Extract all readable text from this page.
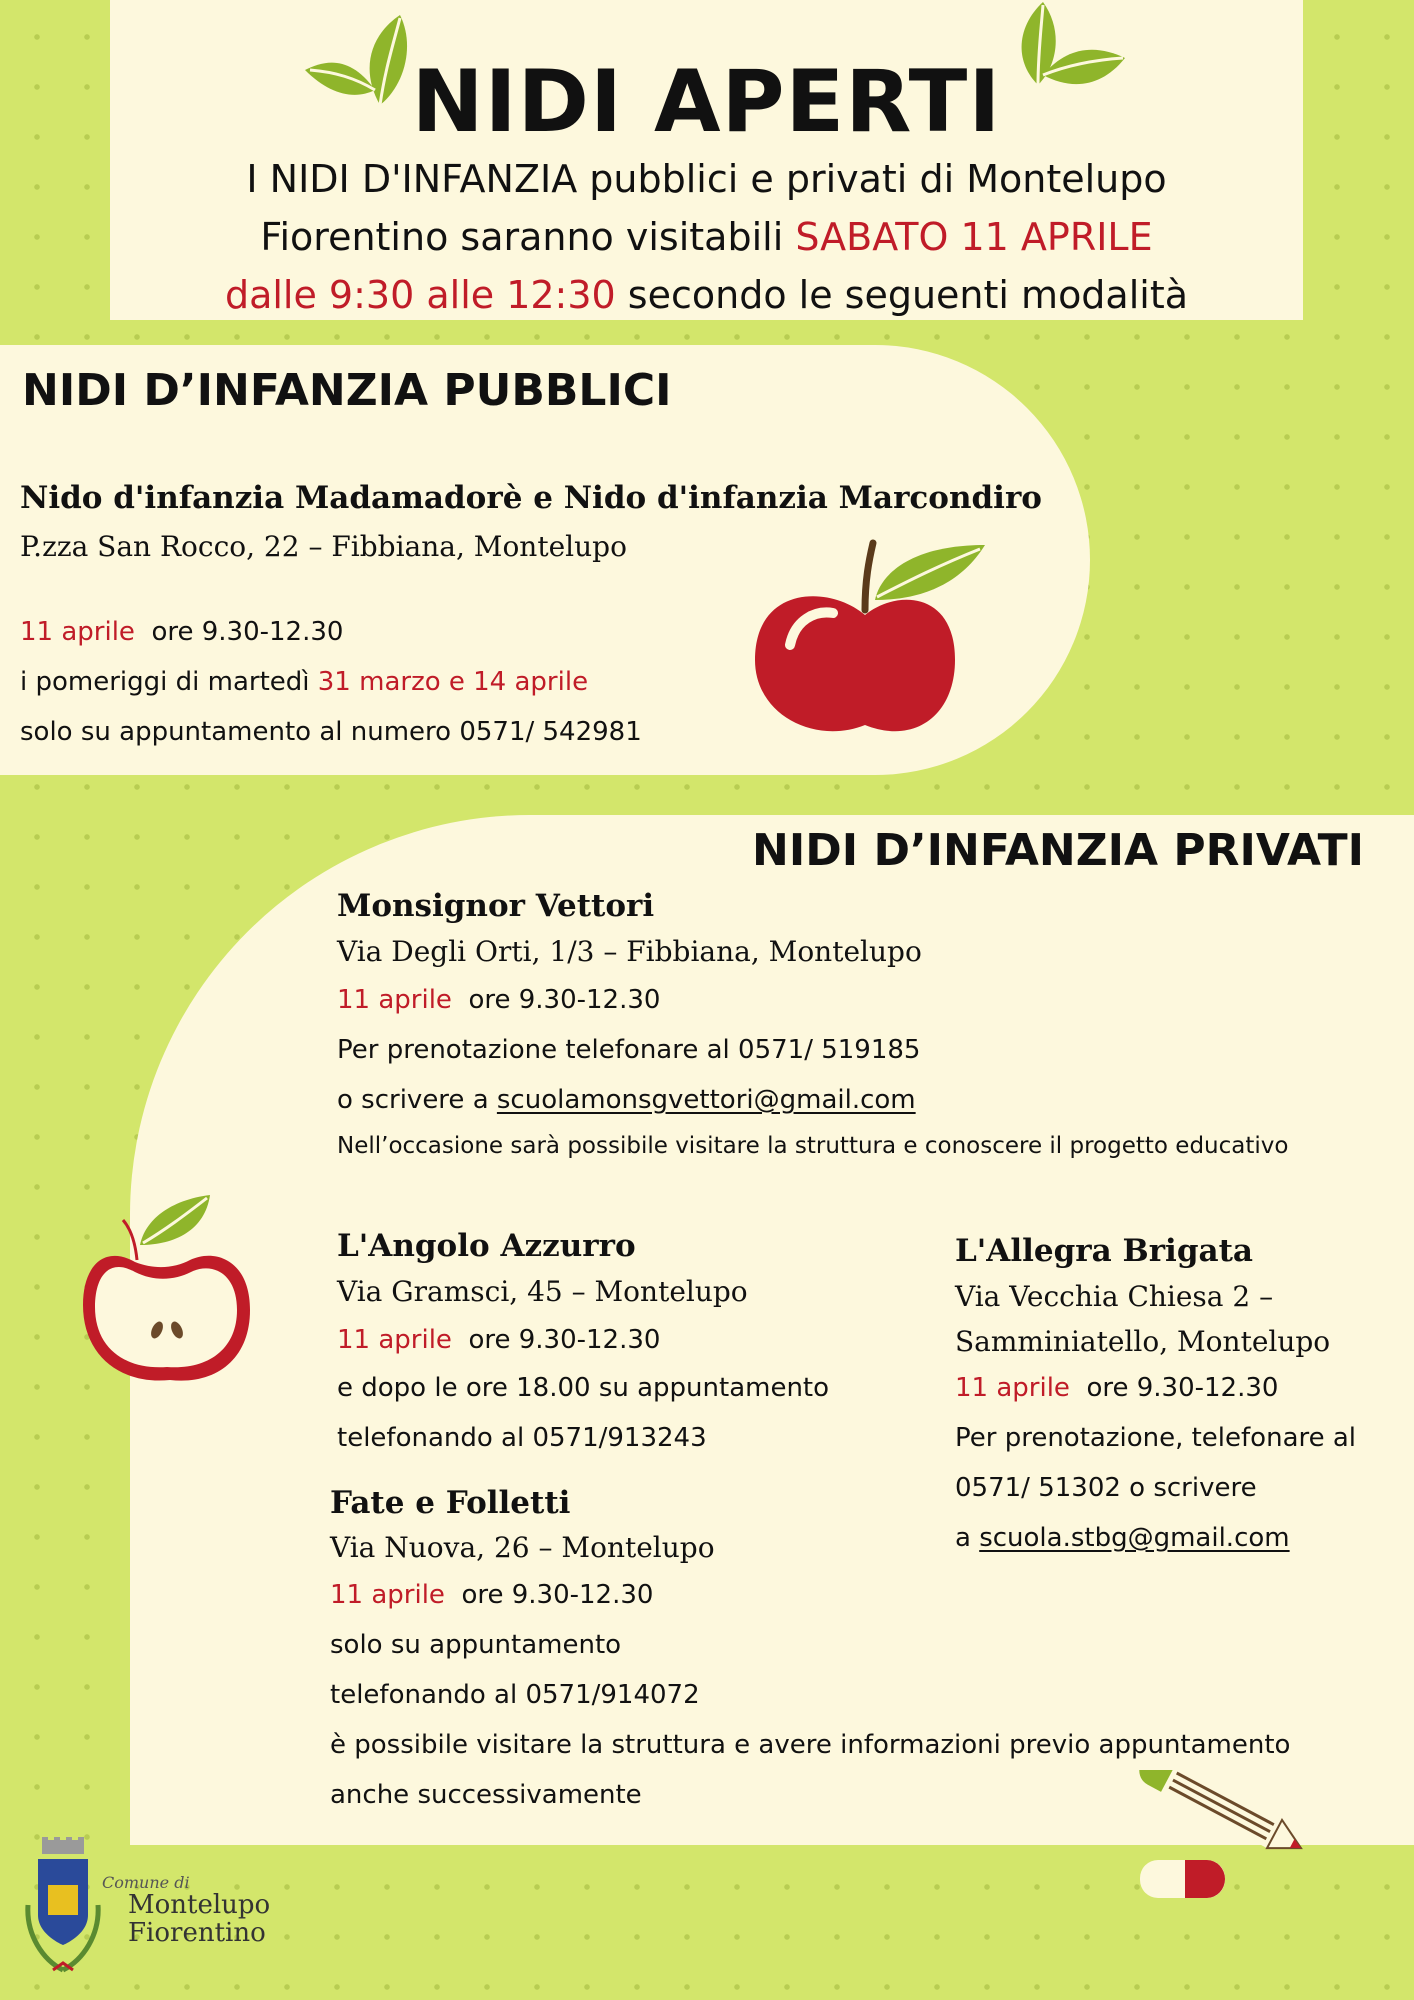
NIDI APERTI

I NIDI D'INFANZIA pubblici e privati di Montelupo
Fiorentino saranno visitabili SABATO 11 APRILE
dalle 9:30 alle 12:30 secondo le seguenti modalità

NIDI D’INFANZIA PUBBLICI

Nido d'infanzia Madamadorè e Nido d'infanzia Marcondiro

P.zza San Rocco, 22 – Fibbiana, Montelupo

11 aprile ore 9.30-12.30

i pomeriggi di martedì 31 marzo e 14 aprile

solo su appuntamento al numero 0571/ 542981

NIDI D’INFANZIA PRIVATI

Monsignor Vettori

Via Degli Orti, 1/3 – Fibbiana, Montelupo

11 aprile ore 9.30-12.30

Per prenotazione telefonare al 0571/ 519185

o scrivere a scuolamonsgvettori@gmail.com

Nell’occasione sarà possibile visitare la struttura e conoscere il progetto educativo

L'Angolo Azzurro

Via Gramsci, 45 – Montelupo

11 aprile ore 9.30-12.30

e dopo le ore 18.00 su appuntamento

telefonando al 0571/913243

Fate e Folletti

Via Nuova, 26 – Montelupo

11 aprile ore 9.30-12.30

solo su appuntamento

telefonando al 0571/914072

è possibile visitare la struttura e avere informazioni previo appuntamento

anche successivamente

L'Allegra Brigata

Via Vecchia Chiesa 2 –

Samminiatello, Montelupo

11 aprile ore 9.30-12.30

Per prenotazione, telefonare al

0571/ 51302 o scrivere

a scuola.stbg@gmail.com

Comune di
Montelupo
Fiorentino
